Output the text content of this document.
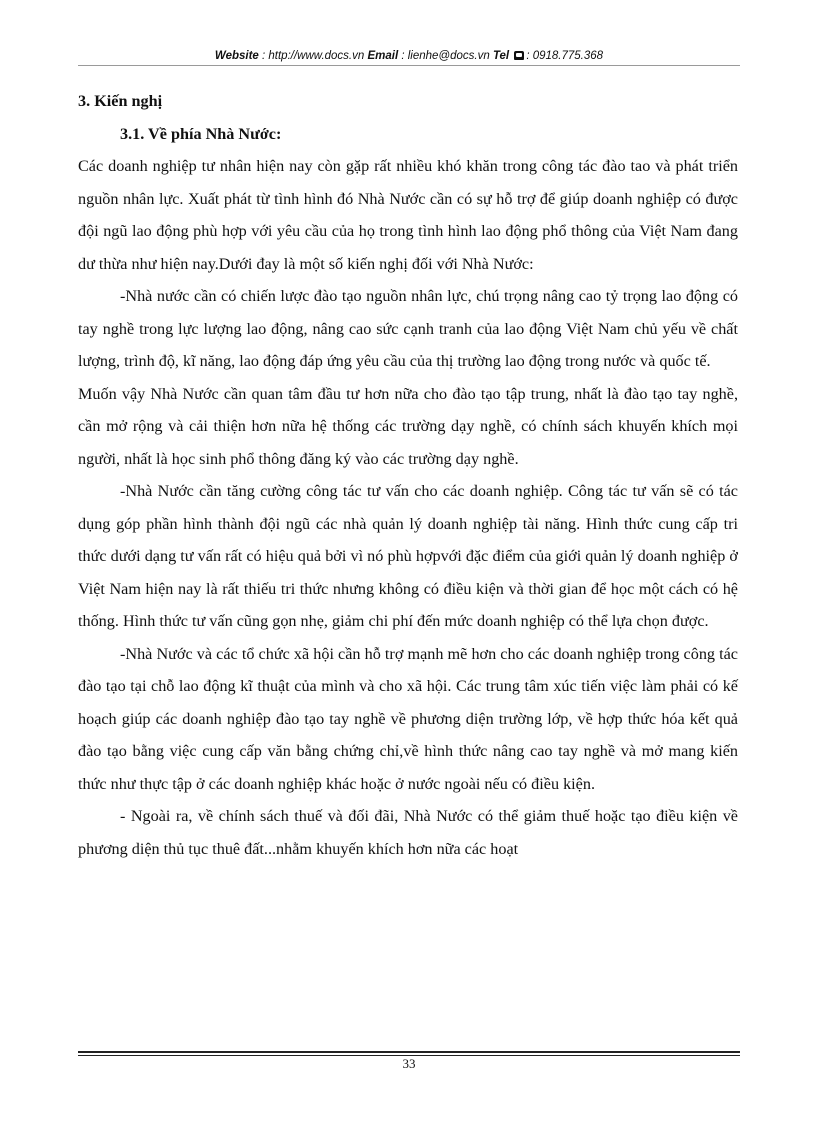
Website : http://www.docs.vn Email : lienhe@docs.vn Tel : 0918.775.368

3. Kiến nghị

3.1. Về phía Nhà Nước:

Các doanh nghiệp tư nhân hiện nay còn gặp rất nhiều khó khăn trong công tác đào tao và phát triển nguồn nhân lực. Xuất phát từ tình hình đó Nhà Nước cần có sự hỗ trợ để giúp doanh nghiệp có được đội ngũ lao động phù hợp với yêu cầu của họ trong tình hình lao động phổ thông của Việt Nam đang dư thừa như hiện nay.Dưới đay là một số kiến nghị đối với Nhà Nước:

-Nhà nước cần có chiến lược đào tạo nguồn nhân lực, chú trọng nâng cao tỷ trọng lao động có tay nghề trong lực lượng lao động, nâng cao sức cạnh tranh của lao động Việt Nam chủ yếu về chất lượng, trình độ, kĩ năng, lao động đáp ứng yêu cầu của thị trường lao động trong nước và quốc tế.

Muốn vậy Nhà Nước cần quan tâm đầu tư hơn nữa cho đào tạo tập trung, nhất là đào tạo tay nghề, cần mở rộng và cải thiện hơn nữa hệ thống các trường dạy nghề, có chính sách khuyến khích mọi người, nhất là học sinh phổ thông đăng ký vào các trường dạy nghề.

-Nhà Nước cần tăng cường công tác tư vấn cho các doanh nghiệp. Công tác tư vấn sẽ có tác dụng góp phần hình thành đội ngũ các nhà quản lý doanh nghiệp tài năng. Hình thức cung cấp tri thức dưới dạng tư vấn rất có hiệu quả bởi vì nó phù hợpvới đặc điểm của giới quản lý doanh nghiệp ở Việt Nam hiện nay là rất thiếu tri thức nhưng không có điều kiện và thời gian để học một cách có hệ thống. Hình thức tư vấn cũng gọn nhẹ, giảm chi phí đến mức doanh nghiệp có thể lựa chọn được.

-Nhà Nước và các tổ chức xã hội cần hỗ trợ mạnh mẽ hơn cho các doanh nghiệp trong công tác đào tạo tại chỗ lao động kĩ thuật của mình và cho xã hội. Các trung tâm xúc tiến việc làm phải có kế hoạch giúp các doanh nghiệp đào tạo tay nghề về phương diện trường lớp, về hợp thức hóa kết quả đào tạo bằng việc cung cấp văn bằng chứng chỉ,về hình thức nâng cao tay nghề và mở mang kiến thức như thực tập ở các doanh nghiệp khác hoặc ở nước ngoài nếu có điều kiện.

- Ngoài ra, về chính sách thuế và đối đãi, Nhà Nước có thể giảm thuế hoặc tạo điều kiện về phương diện thủ tục thuê đất...nhằm khuyến khích hơn nữa các hoạt

33
